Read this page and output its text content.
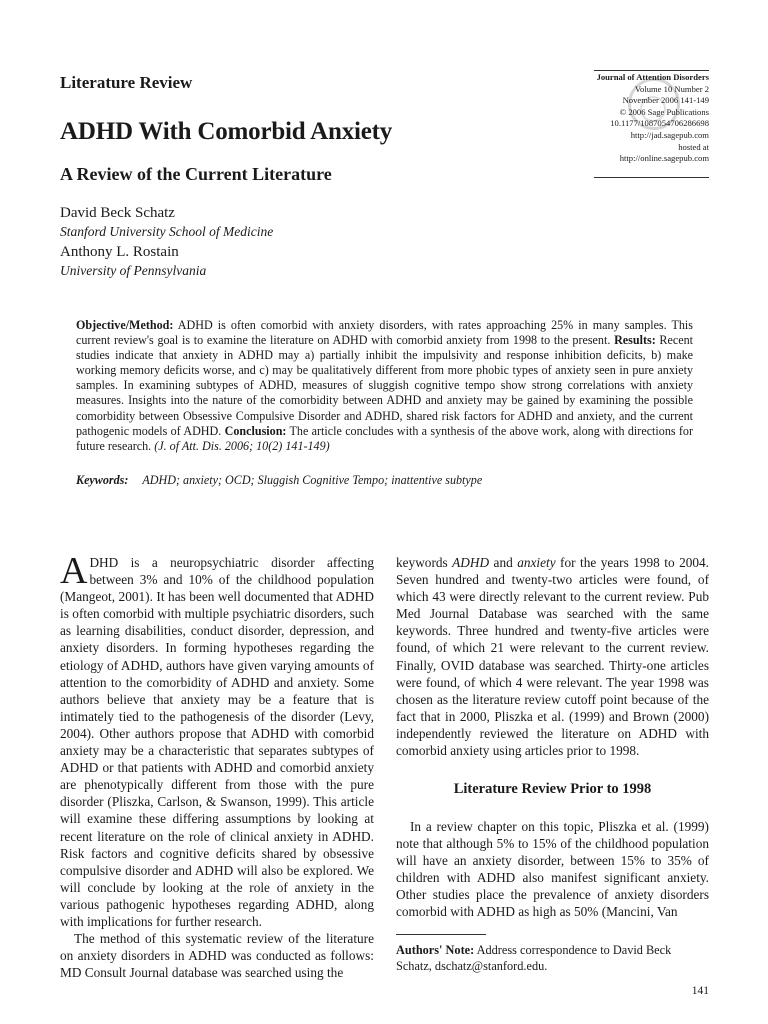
Literature Review
ADHD With Comorbid Anxiety
A Review of the Current Literature
David Beck Schatz
Stanford University School of Medicine
Anthony L. Rostain
University of Pennsylvania
Journal of Attention Disorders
Volume 10 Number 2
November 2006 141-149
© 2006 Sage Publications
10.1177/1087054706286698
http://jad.sagepub.com
hosted at
http://online.sagepub.com
Objective/Method: ADHD is often comorbid with anxiety disorders, with rates approaching 25% in many samples. This current review's goal is to examine the literature on ADHD with comorbid anxiety from 1998 to the present. Results: Recent studies indicate that anxiety in ADHD may a) partially inhibit the impulsivity and response inhibition deficits, b) make working memory deficits worse, and c) may be qualitatively different from more phobic types of anxiety seen in pure anxiety samples. In examining subtypes of ADHD, measures of sluggish cognitive tempo show strong correlations with anxiety measures. Insights into the nature of the comorbidity between ADHD and anxiety may be gained by examining the possible comorbidity between Obsessive Compulsive Disorder and ADHD, shared risk factors for ADHD and anxiety, and the current pathogenic models of ADHD. Conclusion: The article concludes with a synthesis of the above work, along with directions for future research. (J. of Att. Dis. 2006; 10(2) 141-149)
Keywords: ADHD; anxiety; OCD; Sluggish Cognitive Tempo; inattentive subtype

ADHD is a neuropsychiatric disorder affecting between 3% and 10% of the childhood population (Mangeot, 2001). It has been well documented that ADHD is often comorbid with multiple psychiatric disorders, such as learning disabilities, conduct disorder, depression, and anxiety disorders. In forming hypotheses regarding the etiology of ADHD, authors have given varying amounts of attention to the comorbidity of ADHD and anxiety. Some authors believe that anxiety may be a feature that is intimately tied to the pathogenesis of the disorder (Levy, 2004). Other authors propose that ADHD with comorbid anxiety may be a characteristic that separates subtypes of ADHD or that patients with ADHD and comorbid anxiety are phenotypically different from those with the pure disorder (Pliszka, Carlson, & Swanson, 1999). This article will examine these differing assumptions by looking at recent literature on the role of clinical anxiety in ADHD. Risk factors and cognitive deficits shared by obsessive compulsive disorder and ADHD will also be explored. We will conclude by looking at the role of anxiety in the various pathogenic hypotheses regarding ADHD, along with implications for further research.

The method of this systematic review of the literature on anxiety disorders in ADHD was conducted as follows: MD Consult Journal database was searched using the

keywords ADHD and anxiety for the years 1998 to 2004. Seven hundred and twenty-two articles were found, of which 43 were directly relevant to the current review. Pub Med Journal Database was searched with the same keywords. Three hundred and twenty-five articles were found, of which 21 were relevant to the current review. Finally, OVID database was searched. Thirty-one articles were found, of which 4 were relevant. The year 1998 was chosen as the literature review cutoff point because of the fact that in 2000, Pliszka et al. (1999) and Brown (2000) independently reviewed the literature on ADHD with comorbid anxiety using articles prior to 1998.

Literature Review Prior to 1998

In a review chapter on this topic, Pliszka et al. (1999) note that although 5% to 15% of the childhood population will have an anxiety disorder, between 15% to 35% of children with ADHD also manifest significant anxiety. Other studies place the prevalence of anxiety disorders comorbid with ADHD as high as 50% (Mancini, Van

Authors' Note: Address correspondence to David Beck Schatz, dschatz@stanford.edu.
141
